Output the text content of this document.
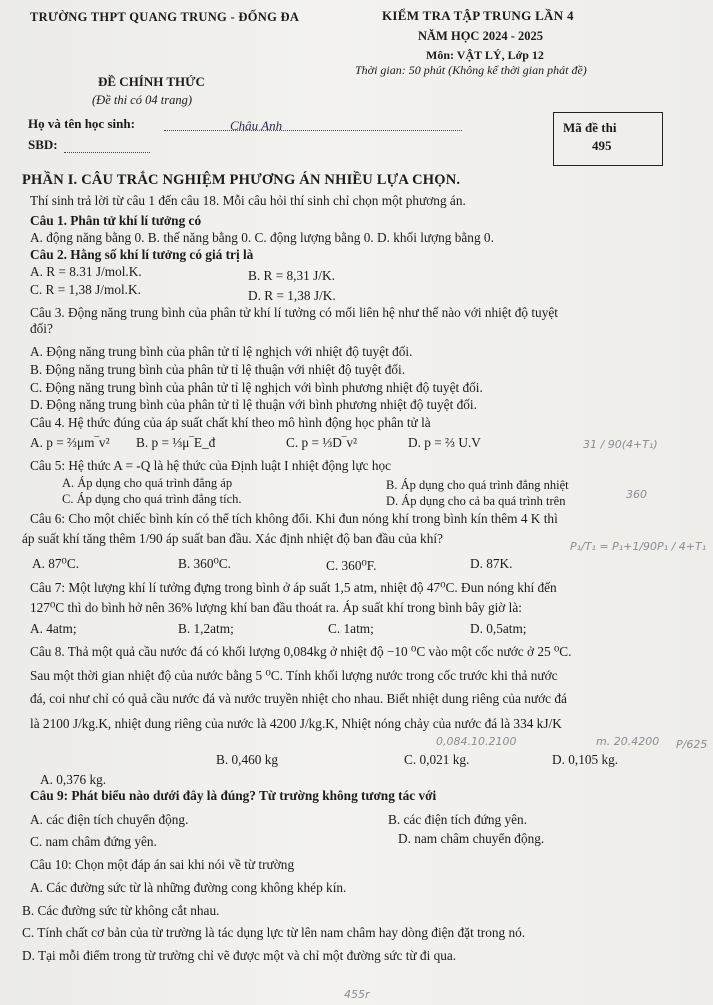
TRƯỜNG THPT QUANG TRUNG - ĐỐNG ĐA	KIỂM TRA TẬP TRUNG LẦN 4
NĂM HỌC 2024 - 2025
Môn: VẬT LÝ, Lớp 12
Thời gian: 50 phút (Không kể thời gian phát đề)
ĐỀ CHÍNH THỨC
(Đề thi có 04 trang)
Họ và tên học sinh:	Châu Anh
SBD:
Mã đề thi
495
PHẦN I. CÂU TRẮC NGHIỆM PHƯƠNG ÁN NHIỀU LỰA CHỌN.
Thí sinh trả lời từ câu 1 đến câu 18. Mỗi câu hỏi thí sinh chỉ chọn một phương án.
Câu 1. Phân tử khí lí tưởng có
A. động năng bằng 0. B. thế năng bằng 0. C. động lượng bằng 0. D. khối lượng bằng 0.
Câu 2. Hằng số khí lí tưởng có giá trị là
A. R = 8.31 J/mol.K.	B. R = 8,31 J/K.
C. R = 1,38 J/mol.K.	D. R = 1,38 J/K.
Câu 3. Động năng trung bình của phân tử khí lí tưởng có mối liên hệ như thế nào với nhiệt độ tuyệt
đối?
A. Động năng trung bình của phân tử tỉ lệ nghịch với nhiệt độ tuyệt đối.
B. Động năng trung bình của phân tử tỉ lệ thuận với nhiệt độ tuyệt đối.
C. Động năng trung bình của phân tử tỉ lệ nghịch với bình phương nhiệt độ tuyệt đối.
D. Động năng trung bình của phân tử tỉ lệ thuận với bình phương nhiệt độ tuyệt đối.
Câu 4. Hệ thức đúng của áp suất chất khí theo mô hình động học phân tử là
A. p = ⅔μm‾v² B. p = ⅓μ‾E_đ	C. p = ⅓D‾v²	D. p = ⅔ U.V	31 / 90(4+T₁)
Câu 5: Hệ thức A = -Q là hệ thức của Định luật I nhiệt động lực học
A. Áp dụng cho quá trình đẳng áp	B. Áp dụng cho quá trình đẳng nhiệt
C. Áp dụng cho quá trình đẳng tích.	D. Áp dụng cho cả ba quá trình trên	360
Câu 6: Cho một chiếc bình kín có thể tích không đổi. Khi đun nóng khí trong bình kín thêm 4 K thì
áp suất khí tăng thêm 1/90 áp suất ban đầu. Xác định nhiệt độ ban đầu của khí?
A. 87⁰C.	B. 360⁰C.	C. 360⁰F.	D. 87K.
P₁/T₁ = P₁+1/90P₁ / 4+T₁
Câu 7: Một lượng khí lí tưởng đựng trong bình ở áp suất 1,5 atm, nhiệt độ 47⁰C. Đun nóng khí đến
127⁰C thì do bình hở nên 36% lượng khí ban đầu thoát ra. Áp suất khí trong bình bây giờ là:
A. 4atm;	B. 1,2atm;	C. 1atm;	D. 0,5atm;
Câu 8. Thả một quả cầu nước đá có khối lượng 0,084kg ở nhiệt độ −10 ⁰C vào một cốc nước ở 25 ⁰C.
Sau một thời gian nhiệt độ của nước bằng 5 ⁰C. Tính khối lượng nước trong cốc trước khi thả nước
đá, coi như chỉ có quả cầu nước đá và nước truyền nhiệt cho nhau. Biết nhiệt dung riêng của nước đá
là 2100 J/kg.K, nhiệt dung riêng của nước là 4200 J/kg.K, Nhiệt nóng chảy của nước đá là 334 kJ/K
0,084.10.2100	m. 20.4200 P/625
A. 0,376 kg.
B. 0,460 kg	C. 0,021 kg.	D. 0,105 kg.
Câu 9: Phát biểu nào dưới đây là đúng? Từ trường không tương tác với
A. các điện tích chuyển động.	B. các điện tích đứng yên.
C. nam châm đứng yên.	D. nam châm chuyển động.
Câu 10: Chọn một đáp án sai khi nói về từ trường
A. Các đường sức từ là những đường cong không khép kín.
B. Các đường sức từ không cắt nhau.
C. Tính chất cơ bản của từ trường là tác dụng lực từ lên nam châm hay dòng điện đặt trong nó.
D. Tại mỗi điểm trong từ trường chỉ vẽ được một và chỉ một đường sức từ đi qua.
455r
